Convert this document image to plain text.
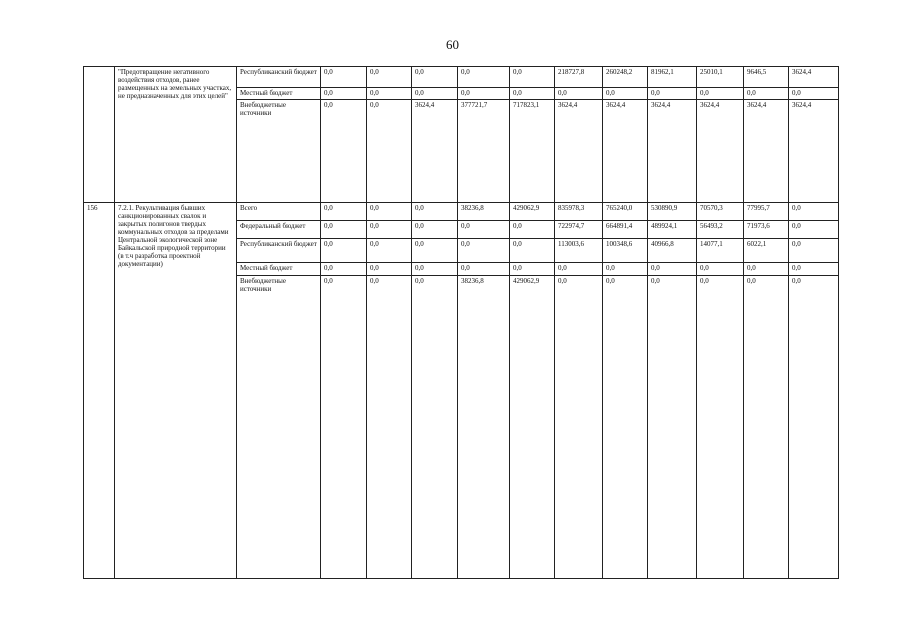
60
	"Предотвращение негативного воздействия отходов, ранее размещенных на земельных участках, не предназначенных для этих целей"	Республиканский бюджет	0,0	0,0	0,0	0,0	0,0	218727,8	260248,2	81962,1	25010,1	9646,5	3624,4
		Местный бюджет	0,0	0,0	0,0	0,0	0,0	0,0	0,0	0,0	0,0	0,0	0,0
		Внебюджетные источники	0,0	0,0	3624,4	377721,7	717823,1	3624,4	3624,4	3624,4	3624,4	3624,4	3624,4
156	7.2.1. Рекультивация бывших санкционированных свалок и закрытых полигонов твердых коммунальных отходов за пределами Центральной экологической зоне Байкальской природной территории (в т.ч разработка проектной документации)	Всего	0,0	0,0	0,0	38236,8	429062,9	835978,3	765240,0	530890,9	70570,3	77995,7	0,0
		Федеральный бюджет	0,0	0,0	0,0	0,0	0,0	722974,7	664891,4	489924,1	56493,2	71973,6	0,0
		Республиканский бюджет	0,0	0,0	0,0	0,0	0,0	113003,6	100348,6	40966,8	14077,1	6022,1	0,0
		Местный бюджет	0,0	0,0	0,0	0,0	0,0	0,0	0,0	0,0	0,0	0,0	0,0
		Внебюджетные источники	0,0	0,0	0,0	38236,8	429062,9	0,0	0,0	0,0	0,0	0,0	0,0
